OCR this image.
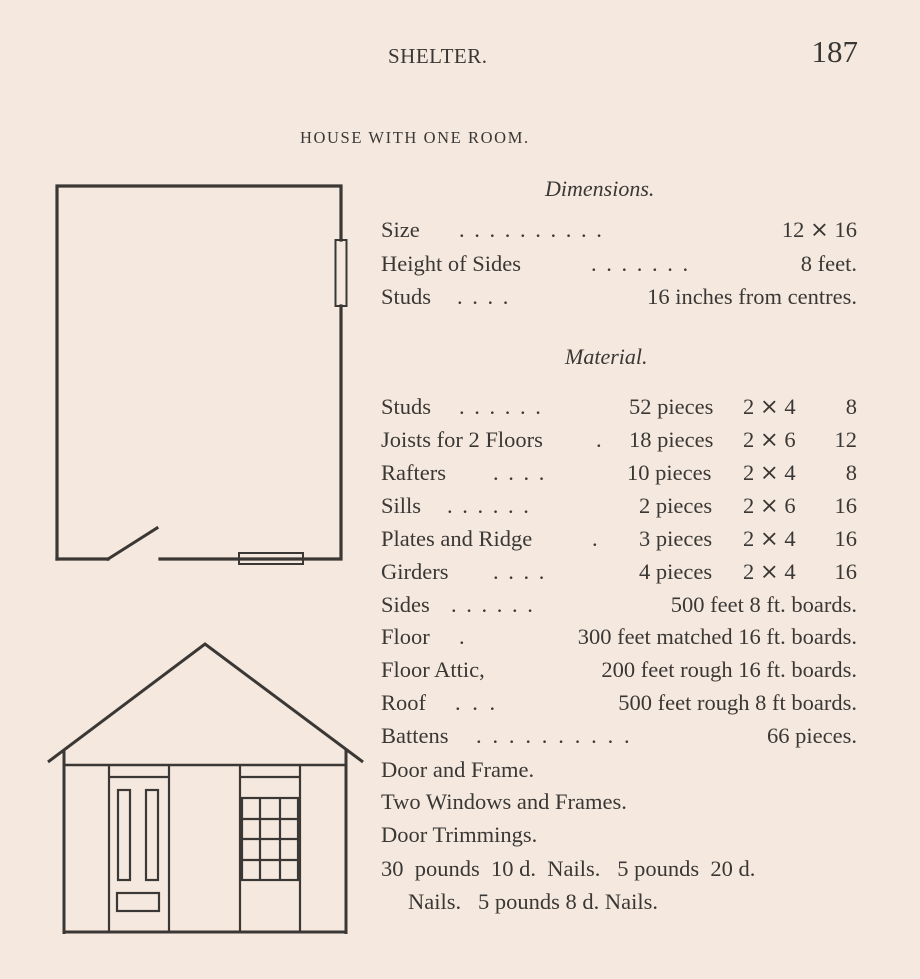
SHELTER.	187
HOUSE WITH ONE ROOM.
Dimensions.
Size . . . . . . . . . .	12 ⨯ 16
Height of Sides	. . . . . . .	8 feet.
Studs . . . .	16 inches from centres.
Material.
Studs . . . . . .	52 pieces 2 ⨯ 4 8
Joists for 2 Floors . 18 pieces 2 ⨯ 6 12
Rafters . . . .	10 pieces 2 ⨯ 4 8
Sills . . . . . .	2 pieces 2 ⨯ 6 16
Plates and Ridge	. 3 pieces 2 ⨯ 4 16
Girders . . . .	4 pieces 2 ⨯ 4 16
Sides . . . . . .	500 feet 8 ft. boards.
Floor .	300 feet matched 16 ft. boards.
Floor Attic,	200 feet rough 16 ft. boards.
Roof . . .	500 feet rough 8 ft boards.
Battens . . . . . . . . . .	66 pieces.
Door and Frame.
Two Windows and Frames.
Door Trimmings.
30  pounds  10 d.  Nails.   5 pounds  20 d.
Nails.   5 pounds 8 d. Nails.
